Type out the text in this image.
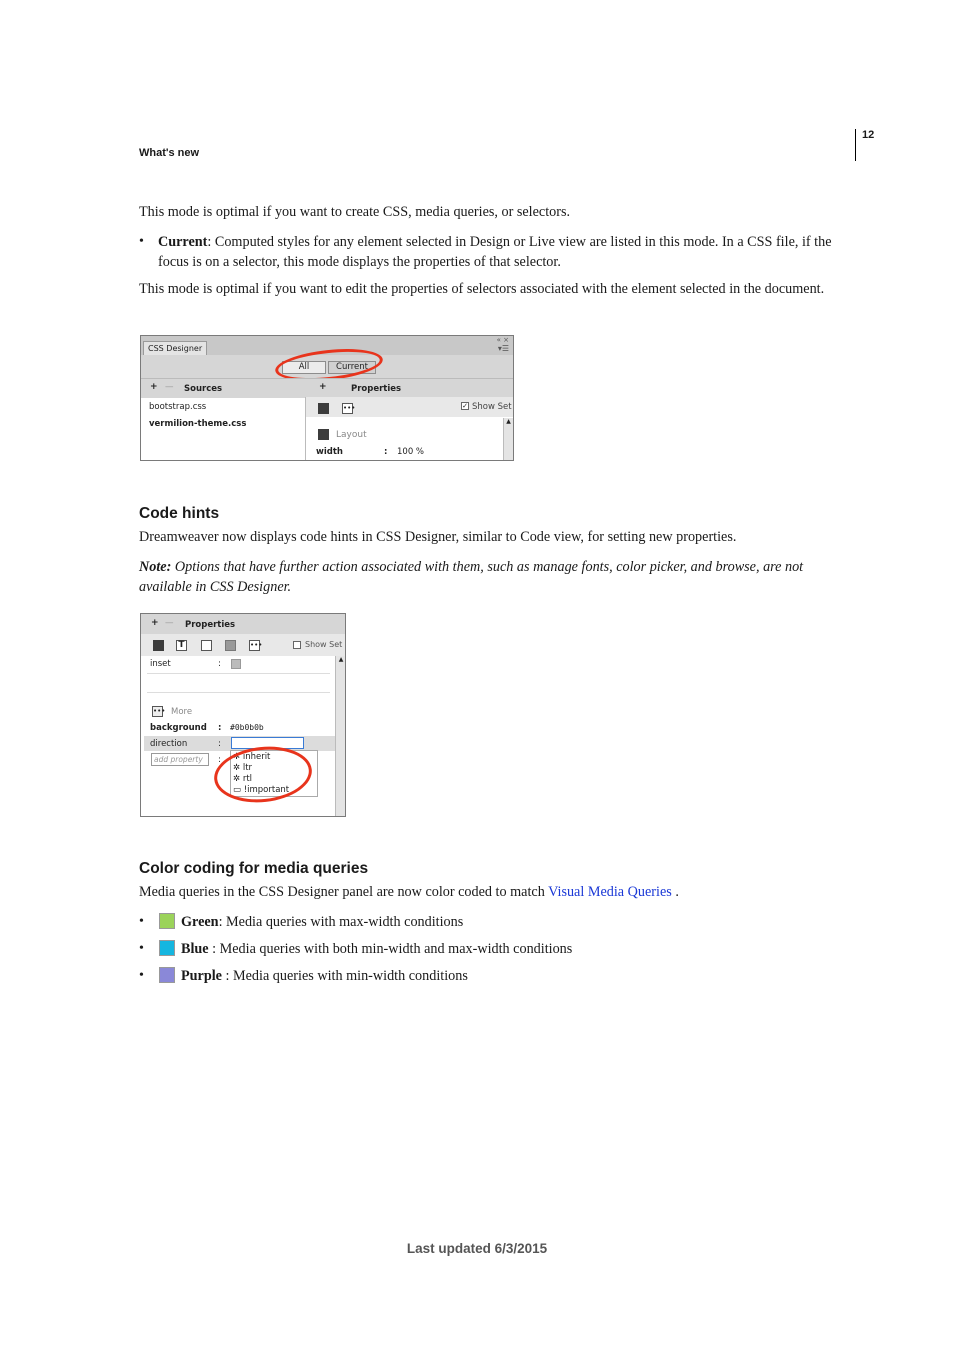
What's new
12
This mode is optimal if you want to create CSS, media queries, or selectors.
• Current: Computed styles for any element selected in Design or Live view are listed in this mode. In a CSS file, if the focus is on a selector, this mode displays the properties of that selector.
This mode is optimal if you want to edit the properties of selectors associated with the element selected in the document.
CSS Designer
« ×
▾☰
All	Current
+ — Sources	+	Properties
bootstrap.css
vermilion-theme.css
•••	✓ Show Set
▲
Layout
width	: 100 %
Code hints
Dreamweaver now displays code hints in CSS Designer, similar to Code view, for setting new properties.
Note: Options that have further action associated with them, such as manage fonts, color picker, and browse, are not available in CSS Designer.
+ — Properties
T	•••	Show Set
▲
inset	:
••• More
background : #0b0b0b
direction	:
add property	: ✲ inherit
✲ ltr
✲ rtl
▭ !important
Color coding for media queries
Media queries in the CSS Designer panel are now color coded to match Visual Media Queries .
•	Green: Media queries with max-width conditions
•	Blue : Media queries with both min-width and max-width conditions
•	Purple : Media queries with min-width conditions
Last updated 6/3/2015
